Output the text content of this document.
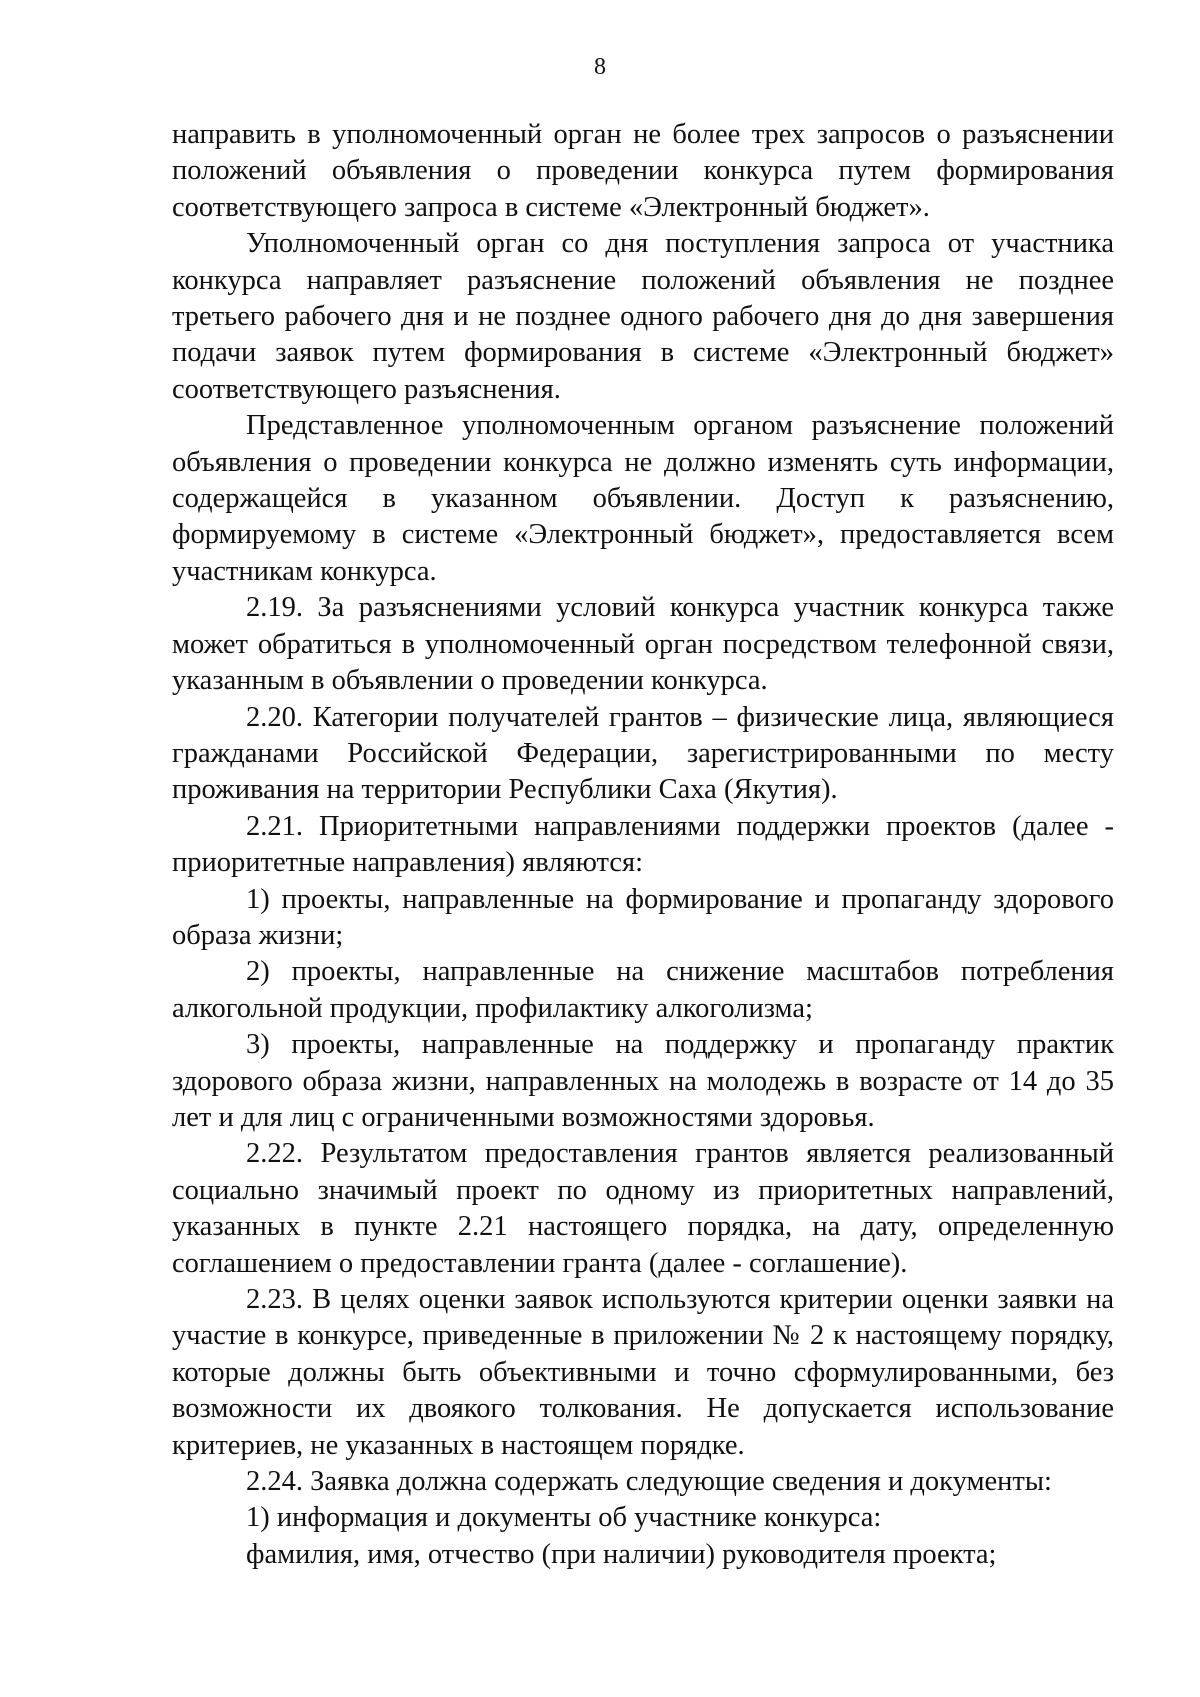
8

направить в уполномоченный орган не более трех запросов о разъяснении положений объявления о проведении конкурса путем формирования соответствующего запроса в системе «Электронный бюджет».

Уполномоченный орган со дня поступления запроса от участника конкурса направляет разъяснение положений объявления не позднее третьего рабочего дня и не позднее одного рабочего дня до дня завершения подачи заявок путем формирования в системе «Электронный бюджет» соответствующего разъяснения.

Представленное уполномоченным органом разъяснение положений объявления о проведении конкурса не должно изменять суть информации, содержащейся в указанном объявлении. Доступ к разъяснению, формируемому в системе «Электронный бюджет», предоставляется всем участникам конкурса.

2.19. За разъяснениями условий конкурса участник конкурса также может обратиться в уполномоченный орган посредством телефонной связи, указанным в объявлении о проведении конкурса.

2.20. Категории получателей грантов – физические лица, являющиеся гражданами Российской Федерации, зарегистрированными по месту проживания на территории Республики Саха (Якутия).

2.21. Приоритетными направлениями поддержки проектов (далее - приоритетные направления) являются:

1) проекты, направленные на формирование и пропаганду здорового образа жизни;

2) проекты, направленные на снижение масштабов потребления алкогольной продукции, профилактику алкоголизма;

3) проекты, направленные на поддержку и пропаганду практик здорового образа жизни, направленных на молодежь в возрасте от 14 до 35 лет и для лиц с ограниченными возможностями здоровья.

2.22. Результатом предоставления грантов является реализованный социально значимый проект по одному из приоритетных направлений, указанных в пункте 2.21 настоящего порядка, на дату, определенную соглашением о предоставлении гранта (далее - соглашение).

2.23. В целях оценки заявок используются критерии оценки заявки на участие в конкурсе, приведенные в приложении № 2 к настоящему порядку, которые должны быть объективными и точно сформулированными, без возможности их двоякого толкования. Не допускается использование критериев, не указанных в настоящем порядке.

2.24. Заявка должна содержать следующие сведения и документы:

1) информация и документы об участнике конкурса:

фамилия, имя, отчество (при наличии) руководителя проекта;
